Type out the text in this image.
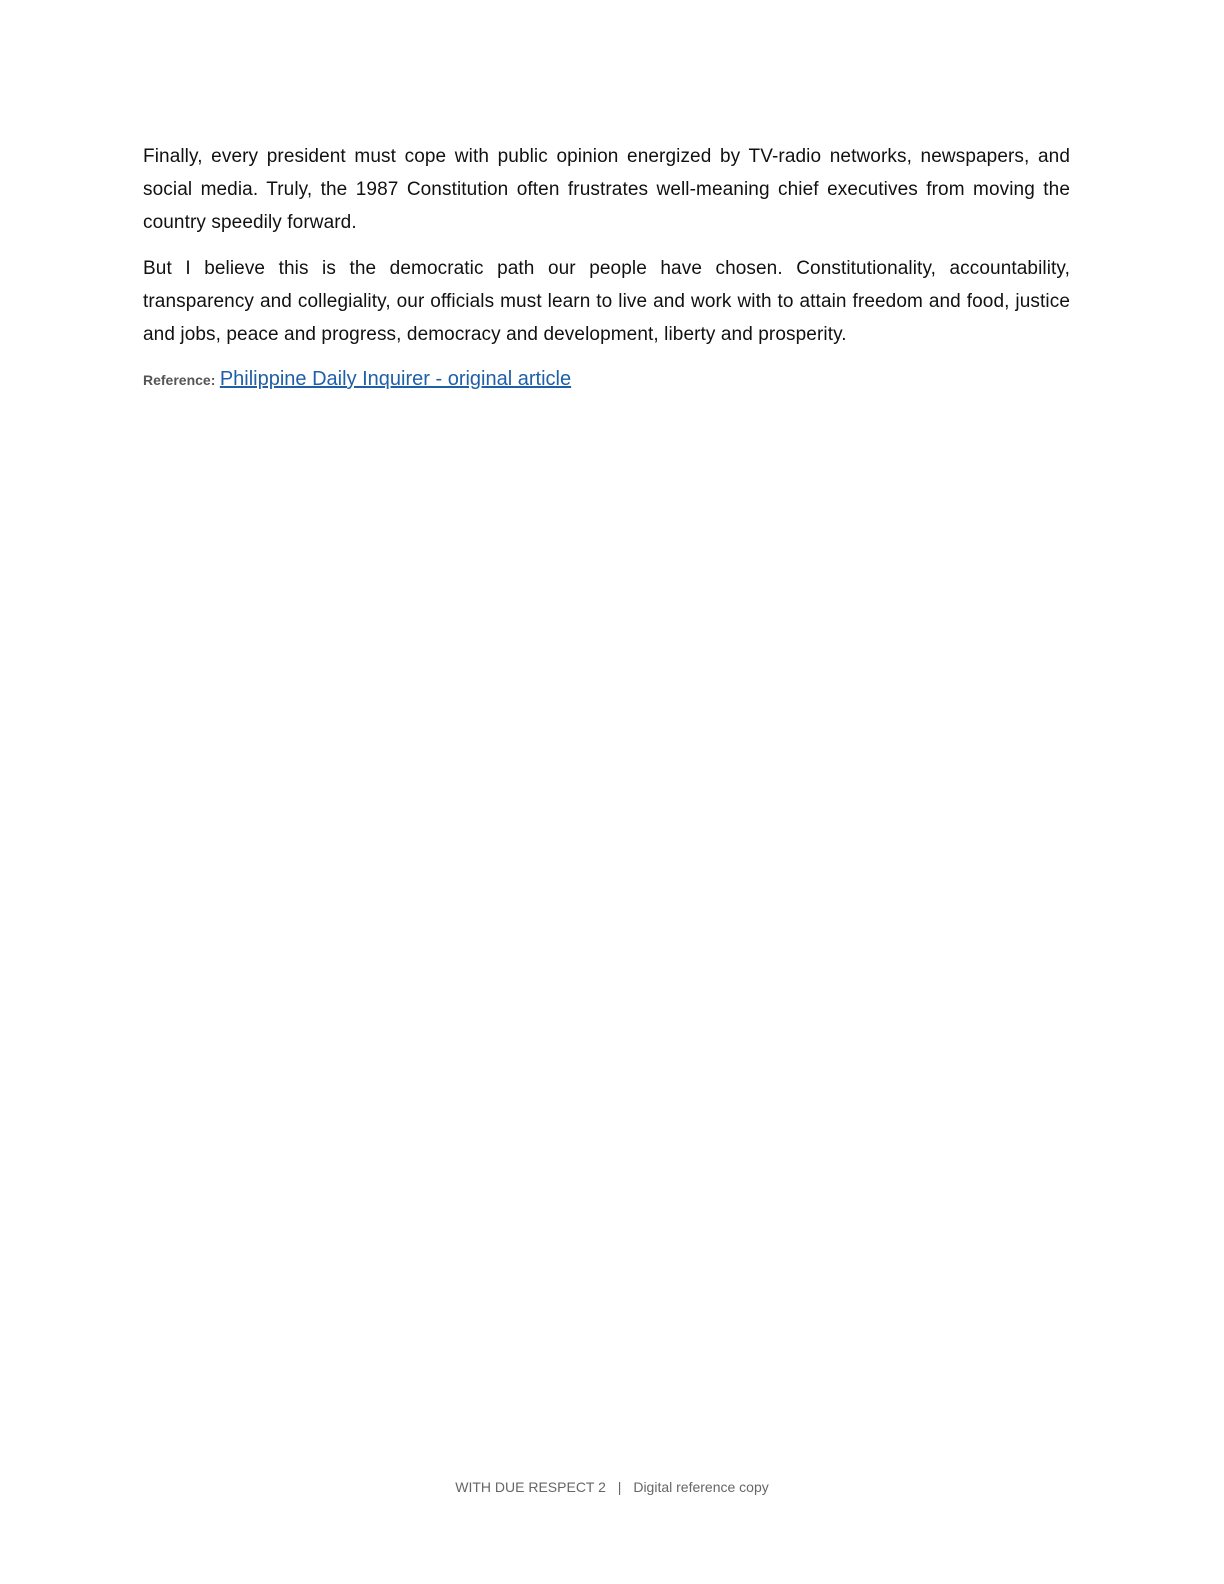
Finally, every president must cope with public opinion energized by TV-radio networks, newspapers, and social media. Truly, the 1987 Constitution often frustrates well-meaning chief executives from moving the country speedily forward.

But I believe this is the democratic path our people have chosen. Constitutionality, accountability, transparency and collegiality, our officials must learn to live and work with to attain freedom and food, justice and jobs, peace and progress, democracy and development, liberty and prosperity.

Reference: Philippine Daily Inquirer - original article
WITH DUE RESPECT 2 | Digital reference copy
